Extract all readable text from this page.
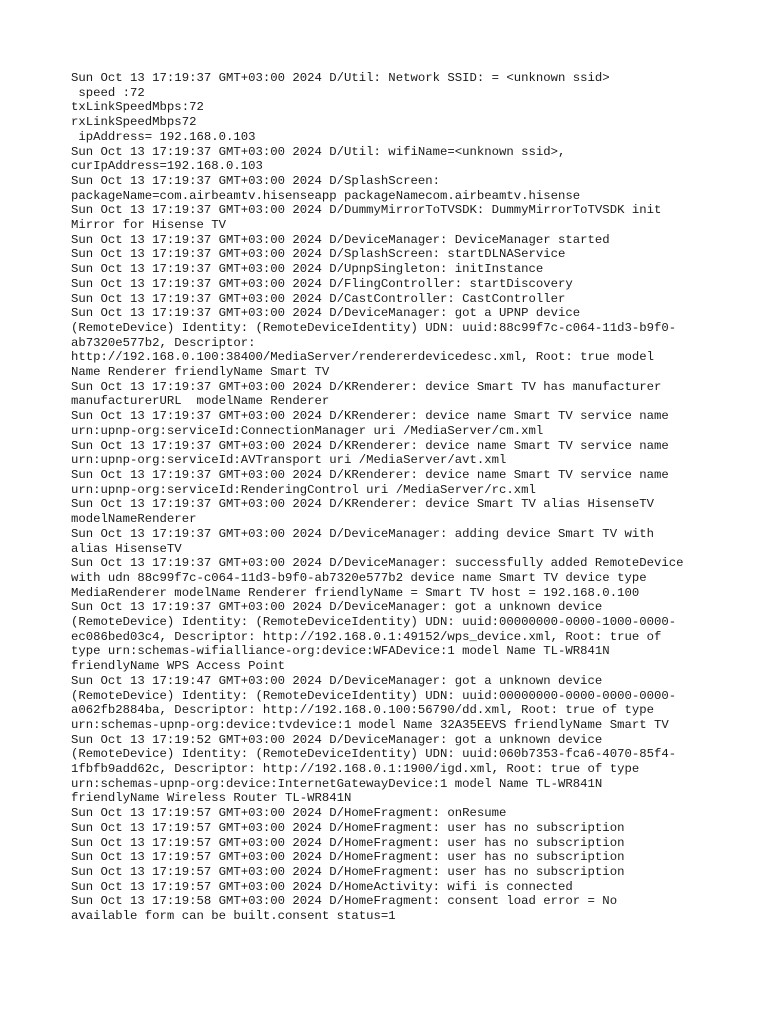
Sun Oct 13 17:19:37 GMT+03:00 2024 D/Util: Network SSID: = <unknown ssid>
speed :72
txLinkSpeedMbps:72
rxLinkSpeedMbps72
ipAddress= 192.168.0.103
Sun Oct 13 17:19:37 GMT+03:00 2024 D/Util: wifiName=<unknown ssid>,
curIpAddress=192.168.0.103
Sun Oct 13 17:19:37 GMT+03:00 2024 D/SplashScreen:
packageName=com.airbeamtv.hisenseapp packageNamecom.airbeamtv.hisense
Sun Oct 13 17:19:37 GMT+03:00 2024 D/DummyMirrorToTVSDK: DummyMirrorToTVSDK init
Mirror for Hisense TV
Sun Oct 13 17:19:37 GMT+03:00 2024 D/DeviceManager: DeviceManager started
Sun Oct 13 17:19:37 GMT+03:00 2024 D/SplashScreen: startDLNAService
Sun Oct 13 17:19:37 GMT+03:00 2024 D/UpnpSingleton: initInstance
Sun Oct 13 17:19:37 GMT+03:00 2024 D/FlingController: startDiscovery
Sun Oct 13 17:19:37 GMT+03:00 2024 D/CastController: CastController
Sun Oct 13 17:19:37 GMT+03:00 2024 D/DeviceManager: got a UPNP device
(RemoteDevice) Identity: (RemoteDeviceIdentity) UDN: uuid:88c99f7c-c064-11d3-b9f0-
ab7320e577b2, Descriptor:
http://192.168.0.100:38400/MediaServer/rendererdevicedesc.xml, Root: true model
Name Renderer friendlyName Smart TV
Sun Oct 13 17:19:37 GMT+03:00 2024 D/KRenderer: device Smart TV has manufacturer
manufacturerURL  modelName Renderer
Sun Oct 13 17:19:37 GMT+03:00 2024 D/KRenderer: device name Smart TV service name
urn:upnp-org:serviceId:ConnectionManager uri /MediaServer/cm.xml
Sun Oct 13 17:19:37 GMT+03:00 2024 D/KRenderer: device name Smart TV service name
urn:upnp-org:serviceId:AVTransport uri /MediaServer/avt.xml
Sun Oct 13 17:19:37 GMT+03:00 2024 D/KRenderer: device name Smart TV service name
urn:upnp-org:serviceId:RenderingControl uri /MediaServer/rc.xml
Sun Oct 13 17:19:37 GMT+03:00 2024 D/KRenderer: device Smart TV alias HisenseTV
modelNameRenderer
Sun Oct 13 17:19:37 GMT+03:00 2024 D/DeviceManager: adding device Smart TV with
alias HisenseTV
Sun Oct 13 17:19:37 GMT+03:00 2024 D/DeviceManager: successfully added RemoteDevice
with udn 88c99f7c-c064-11d3-b9f0-ab7320e577b2 device name Smart TV device type
MediaRenderer modelName Renderer friendlyName = Smart TV host = 192.168.0.100
Sun Oct 13 17:19:37 GMT+03:00 2024 D/DeviceManager: got a unknown device
(RemoteDevice) Identity: (RemoteDeviceIdentity) UDN: uuid:00000000-0000-1000-0000-
ec086bed03c4, Descriptor: http://192.168.0.1:49152/wps_device.xml, Root: true of
type urn:schemas-wifialliance-org:device:WFADevice:1 model Name TL-WR841N
friendlyName WPS Access Point
Sun Oct 13 17:19:47 GMT+03:00 2024 D/DeviceManager: got a unknown device
(RemoteDevice) Identity: (RemoteDeviceIdentity) UDN: uuid:00000000-0000-0000-0000-
a062fb2884ba, Descriptor: http://192.168.0.100:56790/dd.xml, Root: true of type
urn:schemas-upnp-org:device:tvdevice:1 model Name 32A35EEVS friendlyName Smart TV
Sun Oct 13 17:19:52 GMT+03:00 2024 D/DeviceManager: got a unknown device
(RemoteDevice) Identity: (RemoteDeviceIdentity) UDN: uuid:060b7353-fca6-4070-85f4-
1fbfb9add62c, Descriptor: http://192.168.0.1:1900/igd.xml, Root: true of type
urn:schemas-upnp-org:device:InternetGatewayDevice:1 model Name TL-WR841N
friendlyName Wireless Router TL-WR841N
Sun Oct 13 17:19:57 GMT+03:00 2024 D/HomeFragment: onResume
Sun Oct 13 17:19:57 GMT+03:00 2024 D/HomeFragment: user has no subscription
Sun Oct 13 17:19:57 GMT+03:00 2024 D/HomeFragment: user has no subscription
Sun Oct 13 17:19:57 GMT+03:00 2024 D/HomeFragment: user has no subscription
Sun Oct 13 17:19:57 GMT+03:00 2024 D/HomeFragment: user has no subscription
Sun Oct 13 17:19:57 GMT+03:00 2024 D/HomeActivity: wifi is connected
Sun Oct 13 17:19:58 GMT+03:00 2024 D/HomeFragment: consent load error = No
available form can be built.consent status=1
